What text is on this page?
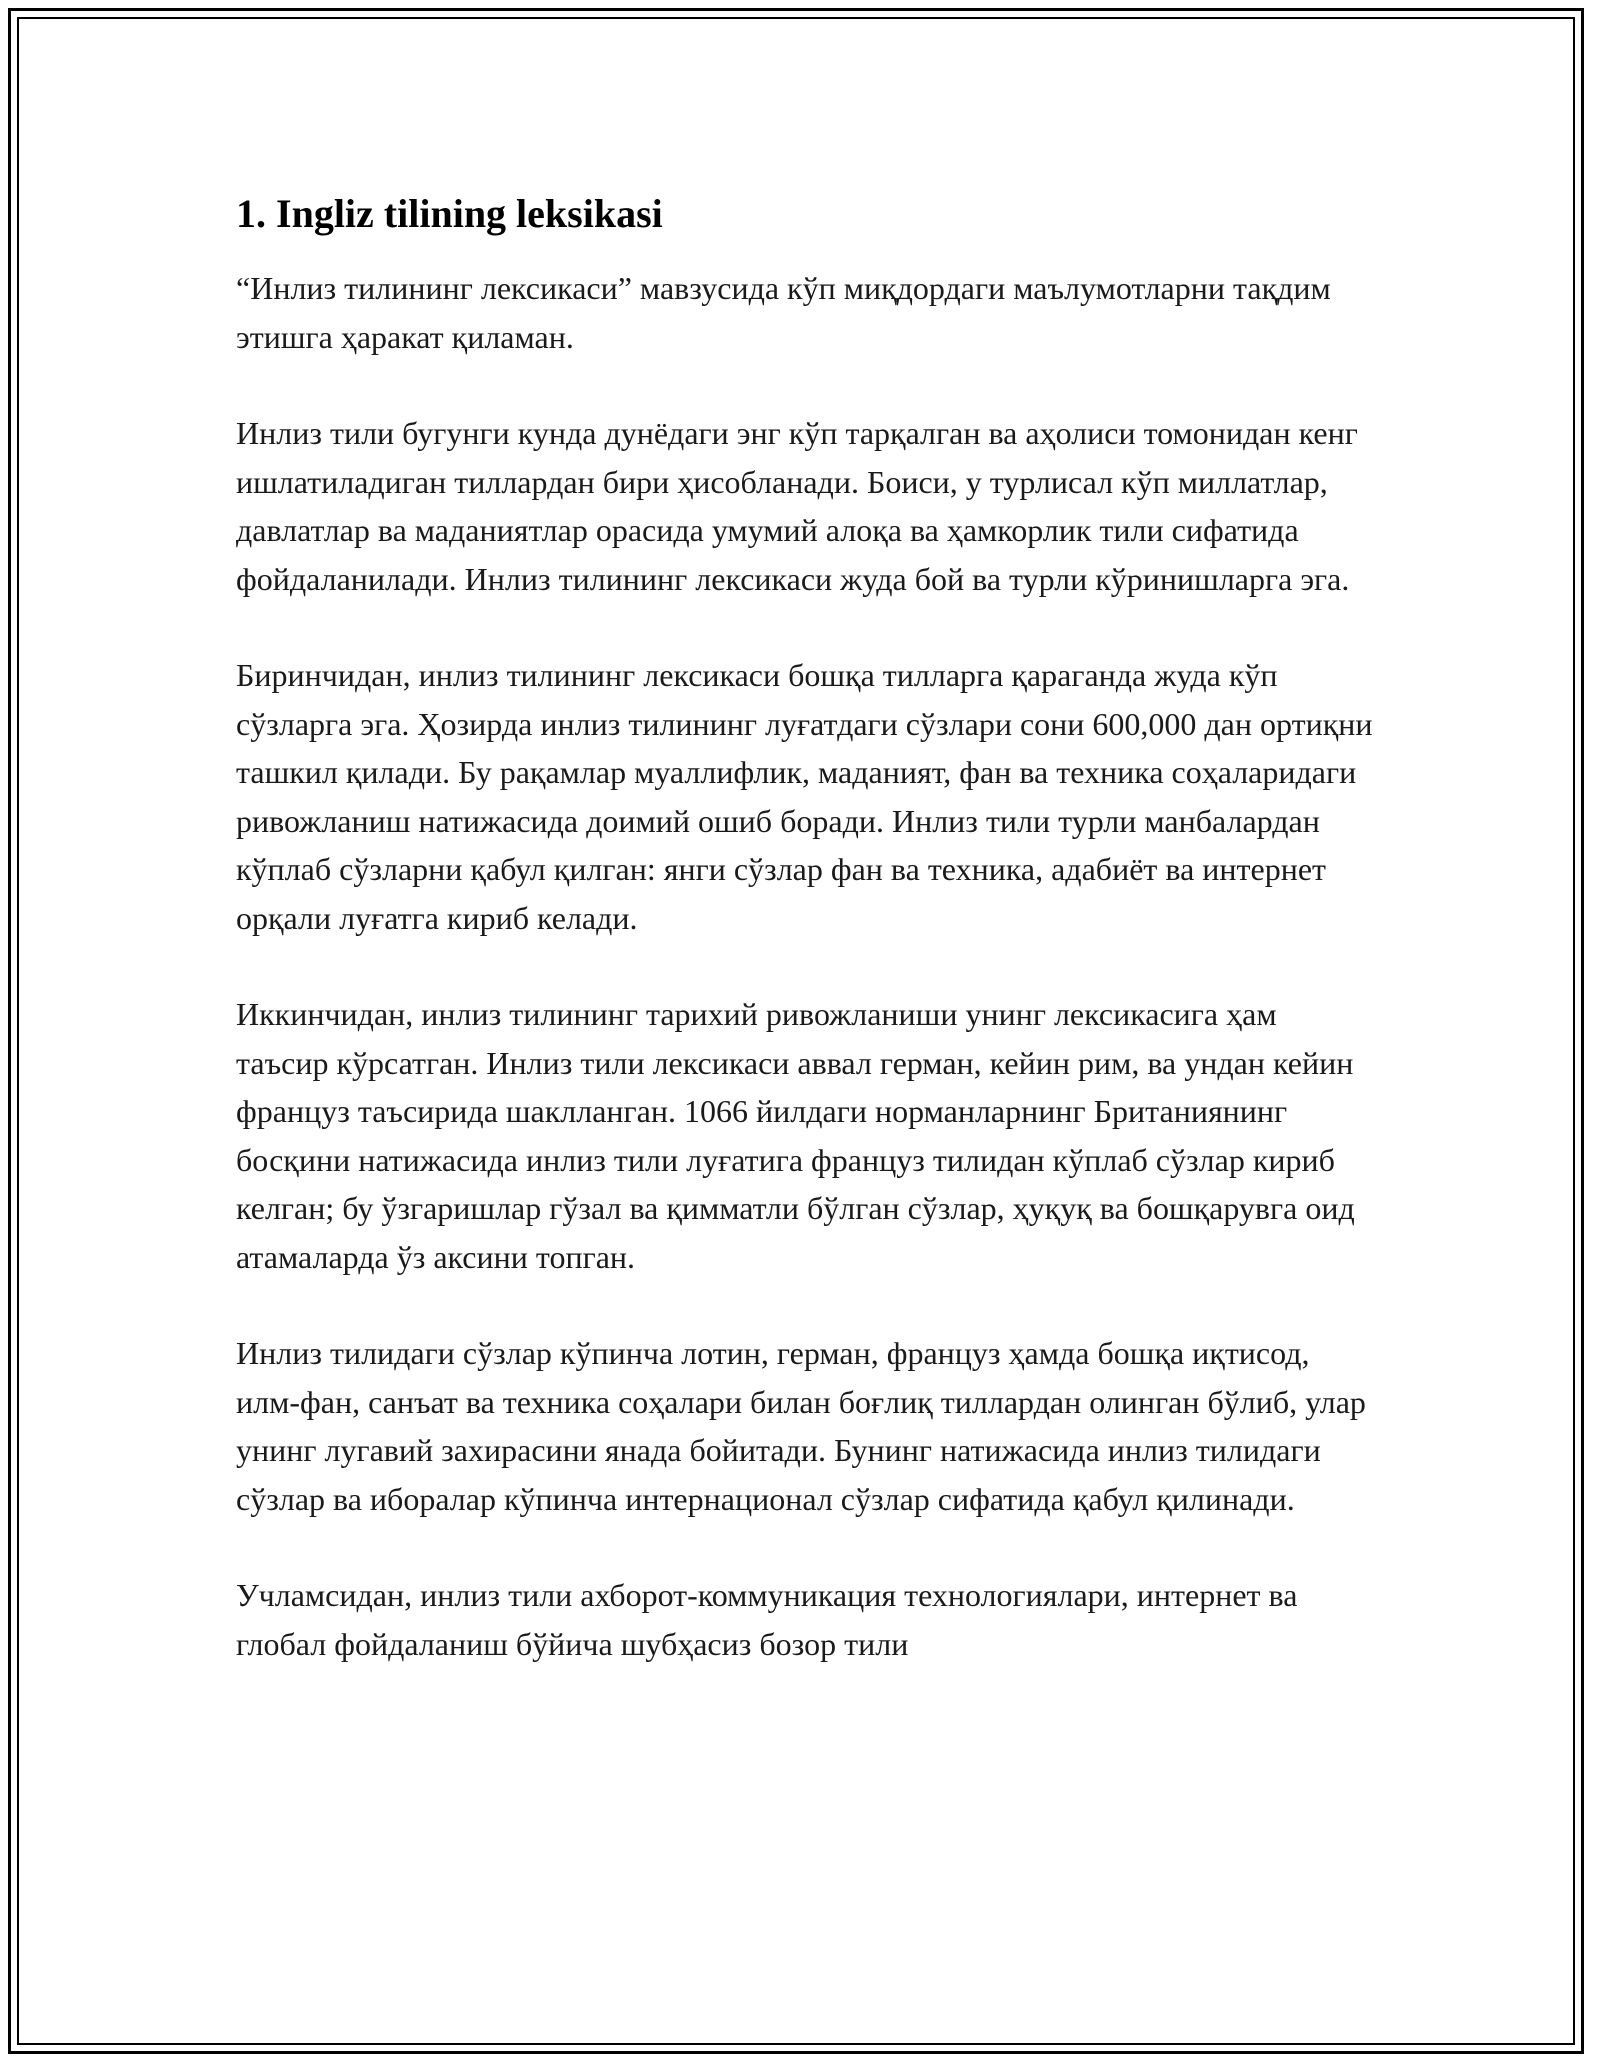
1. Ingliz tilining leksikasi

“Инлиз тилининг лексикаси” мавзусида кўп миқдордаги маълумотларни тақдим этишга ҳаракат қиламан.

Инлиз тили бугунги кунда дунёдаги энг кўп тарқалган ва аҳолиси томонидан кенг ишлатиладиган тиллардан бири ҳисобланади. Боиси, у турлисал кўп миллатлар, давлатлар ва маданиятлар орасида умумий алоқа ва ҳамкорлик тили сифатида фойдаланилади. Инлиз тилининг лексикаси жуда бой ва турли кўринишларга эга.

Биринчидан, инлиз тилининг лексикаси бошқа тилларга қараганда жуда кўп сўзларга эга. Ҳозирда инлиз тилининг луғатдаги сўзлари сони 600,000 дан ортиқни ташкил қилади. Бу рақамлар муаллифлик, маданият, фан ва техника соҳаларидаги ривожланиш натижасида доимий ошиб боради. Инлиз тили турли манбалардан кўплаб сўзларни қабул қилган: янги сўзлар фан ва техника, адабиёт ва интернет орқали луғатга кириб келади.

Иккинчидан, инлиз тилининг тарихий ривожланиши унинг лексикасига ҳам таъсир кўрсатган. Инлиз тили лексикаси аввал герман, кейин рим, ва ундан кейин француз таъсирида шаклланган. 1066 йилдаги норманларнинг Британиянинг босқини натижасида инлиз тили луғатига француз тилидан кўплаб сўзлар кириб келган; бу ўзгаришлар гўзал ва қимматли бўлган сўзлар, ҳуқуқ ва бошқарувга оид атамаларда ўз аксини топган.

Инлиз тилидаги сўзлар кўпинча лотин, герман, француз ҳамда бошқа иқтисод, илм-фан, санъат ва техника соҳалари билан боғлиқ тиллардан олинган бўлиб, улар унинг лугавий захирасини янада бойитади. Бунинг натижасида инлиз тилидаги сўзлар ва иборалар кўпинча интернационал сўзлар сифатида қабул қилинади.

Учламсидан, инлиз тили ахборот-коммуникация технологиялари, интернет ва глобал фойдаланиш бўйича шубҳасиз бозор тили
